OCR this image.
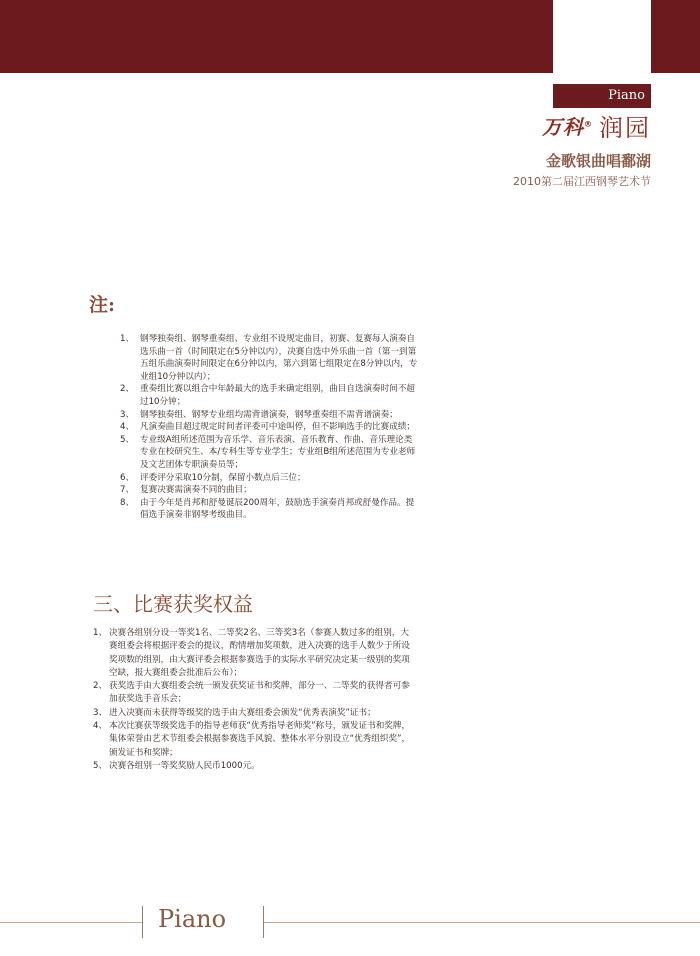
Piano
万科® 润园
金歌银曲唱鄱湖
2010第二届江西钢琴艺术节
注:
1、 钢琴独奏组、钢琴重奏组、专业组不设规定曲目，初赛、复赛每人演奏自选乐曲一首（时间限定在5分钟以内），决赛自选中外乐曲一首（第一到第五组乐曲演奏时间限定在6分钟以内，第六到第七组限定在8分钟以内，专业组10分钟以内）；
2、 重奏组比赛以组合中年龄最大的选手来确定组别，曲目自选演奏时间不超过10分钟；
3、 钢琴独奏组、钢琴专业组均需背谱演奏，钢琴重奏组不需背谱演奏；
4、 凡演奏曲目超过规定时间者评委可中途叫停，但不影响选手的比赛成绩；
5、 专业级A组所述范围为音乐学、音乐表演、音乐教育、作曲、音乐理论类专业在校研究生、本/专科生等专业学生；专业组B组所述范围为专业老师及文艺团体专职演奏员等；
6、 评委评分采取10分制，保留小数点后三位；
7、 复赛决赛需演奏不同的曲目；
8、 由于今年是肖邦和舒曼诞辰200周年，鼓励选手演奏肖邦或舒曼作品。提倡选手演奏非钢琴考级曲目。
三、比赛获奖权益
1、 决赛各组别分设一等奖1名、二等奖2名、三等奖3名（参赛人数过多的组别，大赛组委会将根据评委会的提议，酌情增加奖项数，进入决赛的选手人数少于所设奖项数的组别，由大赛评委会根据参赛选手的实际水平研究决定某一级别的奖项空缺，报大赛组委会批准后公布）；
2、 获奖选手由大赛组委会统一颁发获奖证书和奖牌，部分一、二等奖的获得者可参加获奖选手音乐会；
3、 进入决赛而未获得等级奖的选手由大赛组委会颁发“优秀表演奖”证书；
4、 本次比赛获等级奖选手的指导老师获“优秀指导老师奖”称号，颁发证书和奖牌，集体荣誉由艺术节组委会根据参赛选手风貌、整体水平分别设立“优秀组织奖”，颁发证书和奖牌；
5、 决赛各组别一等奖奖励人民币1000元。
Piano
